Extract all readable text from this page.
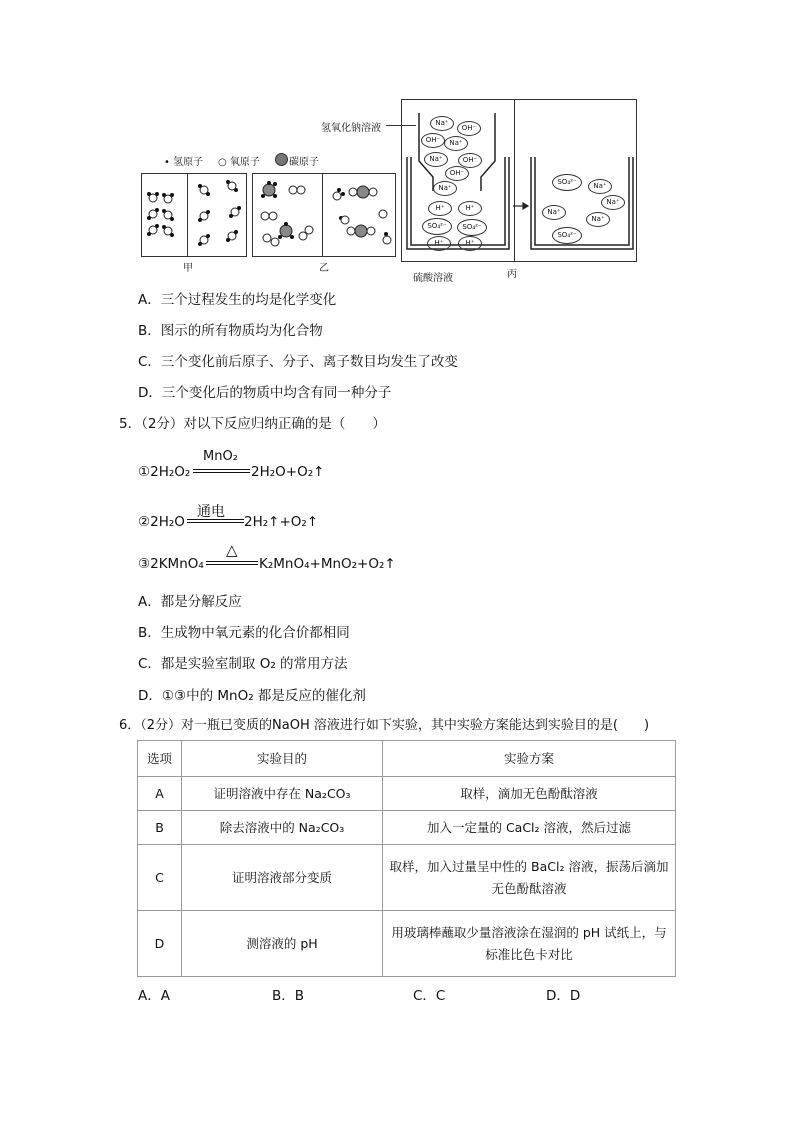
• 氢原子 ○ 氧原子	碳原子
甲	乙
氢氧化钠溶液	Na⁺
OH⁻
OH⁻	Na⁺
Na⁺	OH⁻
OH⁻
Na⁺
H⁺	H⁺
SO₄²⁻	SO₄²⁻
H⁺	H⁺
SO₄²⁻	Na⁺
Na⁺
Na⁺
Na⁺
SO₄²⁻
硫酸溶液	丙
A．三个过程发生的均是化学变化
B．图示的所有物质均为化合物
C．三个变化前后原子、分子、离子数目均发生了改变
D．三个变化后的物质中均含有同一种分子
5．（2分）对以下反应归纳正确的是（　　）
①2H₂O₂
MnO₂
2H₂O+O₂↑
②2H₂O
通电
2H₂↑+O₂↑
③2KMnO₄
△
K₂MnO₄+MnO₂+O₂↑
A．都是分解反应
B．生成物中氧元素的化合价都相同
C．都是实验室制取 O₂ 的常用方法
D．①③中的 MnO₂ 都是反应的催化剂
6．（2分）对一瓶已变质的NaOH 溶液进行如下实验，其中实验方案能达到实验目的是(　　)
选项	实验目的	实验方案
A	证明溶液中存在 Na₂CO₃	取样，滴加无色酚酞溶液
B	除去溶液中的 Na₂CO₃	加入一定量的 CaCl₂ 溶液，然后过滤
C	证明溶液部分变质	取样，加入过量呈中性的 BaCl₂ 溶液，振荡后滴加无色酚酞溶液
D	测溶液的 pH	用玻璃棒蘸取少量溶液涂在湿润的 pH 试纸上，与标准比色卡对比
A．A	B．B	C．C	D．D
